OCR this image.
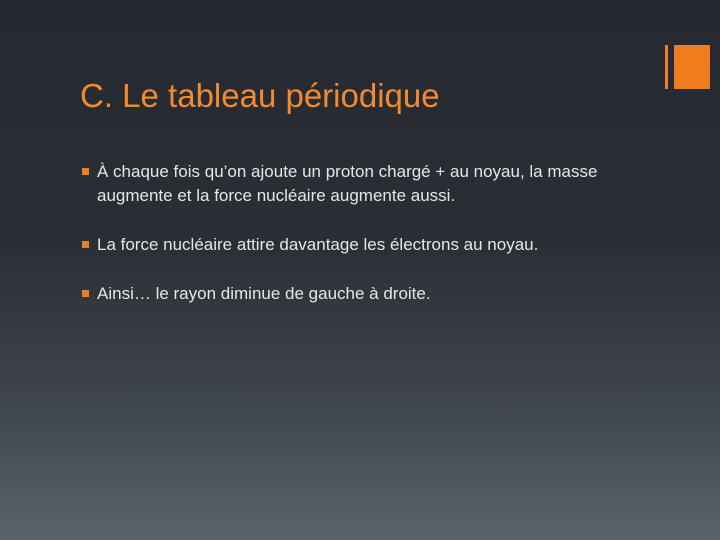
C. Le tableau périodique
À chaque fois qu’on ajoute un proton chargé + au noyau, la masse augmente et la force nucléaire augmente aussi.
La force nucléaire attire davantage les électrons au noyau.
Ainsi… le rayon diminue de gauche à droite.
